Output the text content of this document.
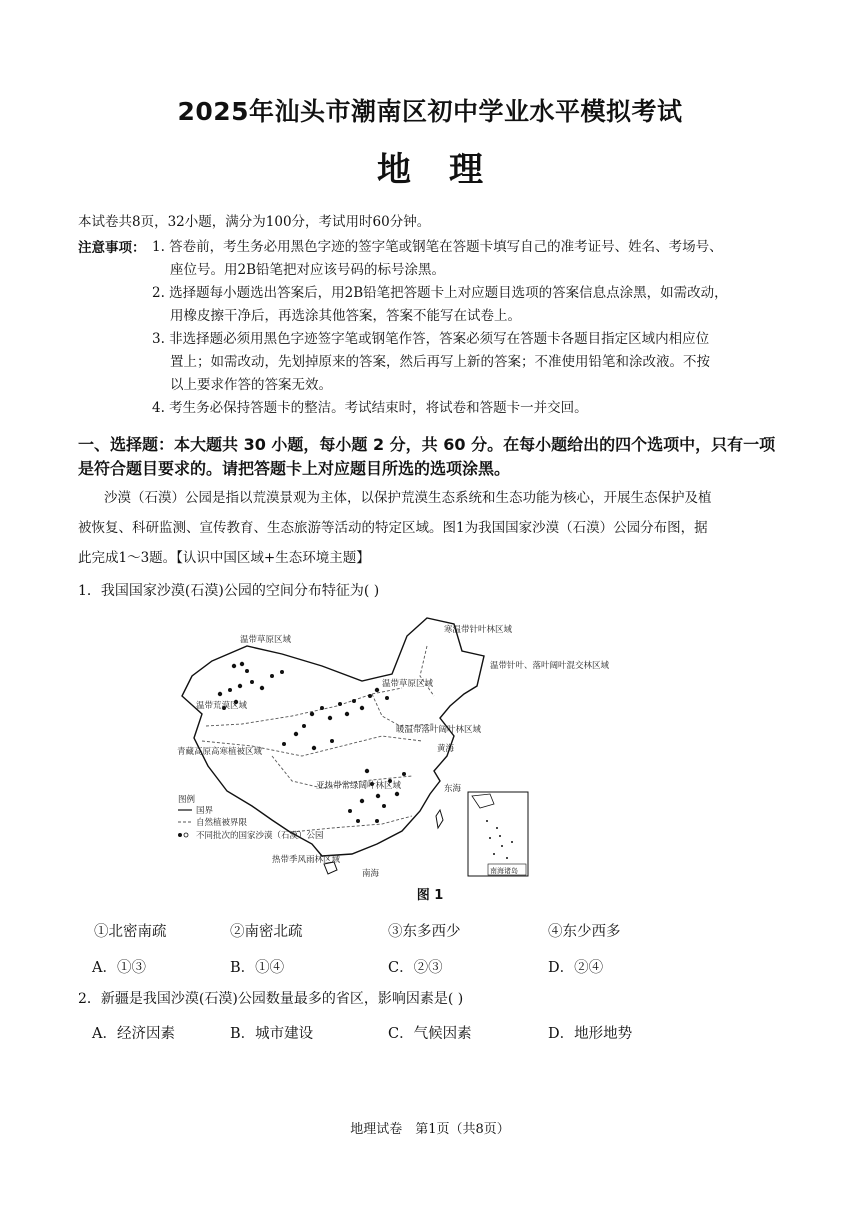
2025年汕头市潮南区初中学业水平模拟考试
地理
本试卷共8页，32小题，满分为100分，考试用时60分钟。
注意事项： 1. 答卷前，考生务必用黑色字迹的签字笔或钢笔在答题卡填写自己的准考证号、姓名、考场号、
座位号。用2B铅笔把对应该号码的标号涂黑。
2. 选择题每小题选出答案后，用2B铅笔把答题卡上对应题目选项的答案信息点涂黑，如需改动，
用橡皮擦干净后，再选涂其他答案，答案不能写在试卷上。
3. 非选择题必须用黑色字迹签字笔或钢笔作答，答案必须写在答题卡各题目指定区域内相应位
置上；如需改动，先划掉原来的答案，然后再写上新的答案；不准使用铅笔和涂改液。不按
以上要求作答的答案无效。
4. 考生务必保持答题卡的整洁。考试结束时，将试卷和答题卡一并交回。
一、选择题：本大题共 30 小题，每小题 2 分，共 60 分。在每小题给出的四个选项中，只有一项是符合题目要求的。请把答题卡上对应题目所选的选项涂黑。
沙漠（石漠）公园是指以荒漠景观为主体，以保护荒漠生态系统和生态功能为核心，开展生态保护及植
被恢复、科研监测、宣传教育、生态旅游等活动的特定区域。图1为我国国家沙漠（石漠）公园分布图，据
此完成1～3题。【认识中国区域+生态环境主题】
1．我国国家沙漠(石漠)公园的空间分布特征为( )
温带草原区域
寒温带针叶林区域
温带针叶、落叶阔叶混交林区域
温带草原区域
温带荒漠区域
暖温带落叶阔叶林区域
青藏高原高寒植被区域
亚热带常绿阔叶林区域
热带季风雨林区域
黄海
东海
南海
图例
国界
自然植被界限
不同批次的国家沙漠（石漠）公园
南海诸岛
图 1
①北密南疏	②南密北疏	③东多西少	④东少西多
A．①③	B．①④	C．②③	D．②④
2．新疆是我国沙漠(石漠)公园数量最多的省区，影响因素是( )
A．经济因素	B．城市建设	C．气候因素	D．地形地势
地理试卷　第1页（共8页）
